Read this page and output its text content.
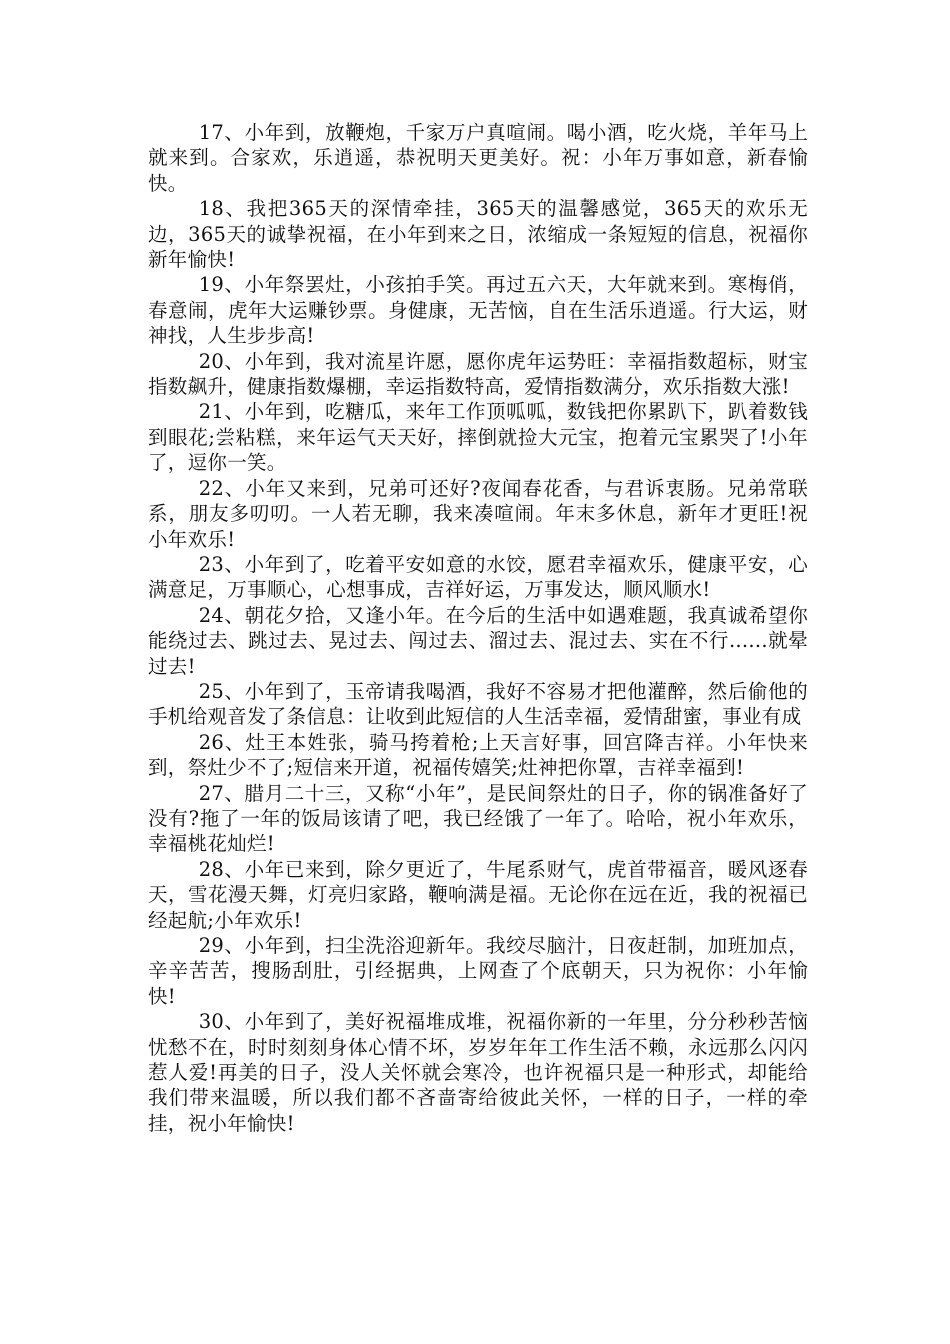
17、小年到，放鞭炮，千家万户真喧闹。喝小酒，吃火烧，羊年马上就来到。合家欢，乐逍遥，恭祝明天更美好。祝：小年万事如意，新春愉快。

18、我把365天的深情牵挂，365天的温馨感觉，365天的欢乐无边，365天的诚挚祝福，在小年到来之日，浓缩成一条短短的信息，祝福你新年愉快!

19、小年祭罢灶，小孩拍手笑。再过五六天，大年就来到。寒梅俏，春意闹，虎年大运赚钞票。身健康，无苦恼，自在生活乐逍遥。行大运，财神找，人生步步高!

20、小年到，我对流星许愿，愿你虎年运势旺：幸福指数超标，财宝指数飙升，健康指数爆棚，幸运指数特高，爱情指数满分，欢乐指数大涨!

21、小年到，吃糖瓜，来年工作顶呱呱，数钱把你累趴下，趴着数钱到眼花;尝粘糕，来年运气天天好，摔倒就捡大元宝，抱着元宝累哭了!小年了，逗你一笑。

22、小年又来到，兄弟可还好?夜闻春花香，与君诉衷肠。兄弟常联系，朋友多叨叨。一人若无聊，我来凑喧闹。年末多休息，新年才更旺!祝小年欢乐!

23、小年到了，吃着平安如意的水饺，愿君幸福欢乐，健康平安，心满意足，万事顺心，心想事成，吉祥好运，万事发达，顺风顺水!

24、朝花夕拾，又逢小年。在今后的生活中如遇难题，我真诚希望你能绕过去、跳过去、晃过去、闯过去、溜过去、混过去、实在不行......就晕过去!

25、小年到了，玉帝请我喝酒，我好不容易才把他灌醉，然后偷他的手机给观音发了条信息：让收到此短信的人生活幸福，爱情甜蜜，事业有成

26、灶王本姓张，骑马挎着枪;上天言好事，回宫降吉祥。小年快来到，祭灶少不了;短信来开道，祝福传嬉笑;灶神把你罩，吉祥幸福到!

27、腊月二十三，又称“小年”，是民间祭灶的日子，你的锅准备好了没有?拖了一年的饭局该请了吧，我已经饿了一年了。哈哈，祝小年欢乐，幸福桃花灿烂!

28、小年已来到，除夕更近了，牛尾系财气，虎首带福音，暖风逐春天，雪花漫天舞，灯亮归家路，鞭响满是福。无论你在远在近，我的祝福已经起航;小年欢乐!

29、小年到，扫尘洗浴迎新年。我绞尽脑汁，日夜赶制，加班加点，辛辛苦苦，搜肠刮肚，引经据典，上网查了个底朝天，只为祝你：小年愉快!

30、小年到了，美好祝福堆成堆，祝福你新的一年里，分分秒秒苦恼忧愁不在，时时刻刻身体心情不坏，岁岁年年工作生活不赖，永远那么闪闪惹人爱!再美的日子，没人关怀就会寒冷，也许祝福只是一种形式，却能给我们带来温暖，所以我们都不吝啬寄给彼此关怀，一样的日子，一样的牵挂，祝小年愉快!
